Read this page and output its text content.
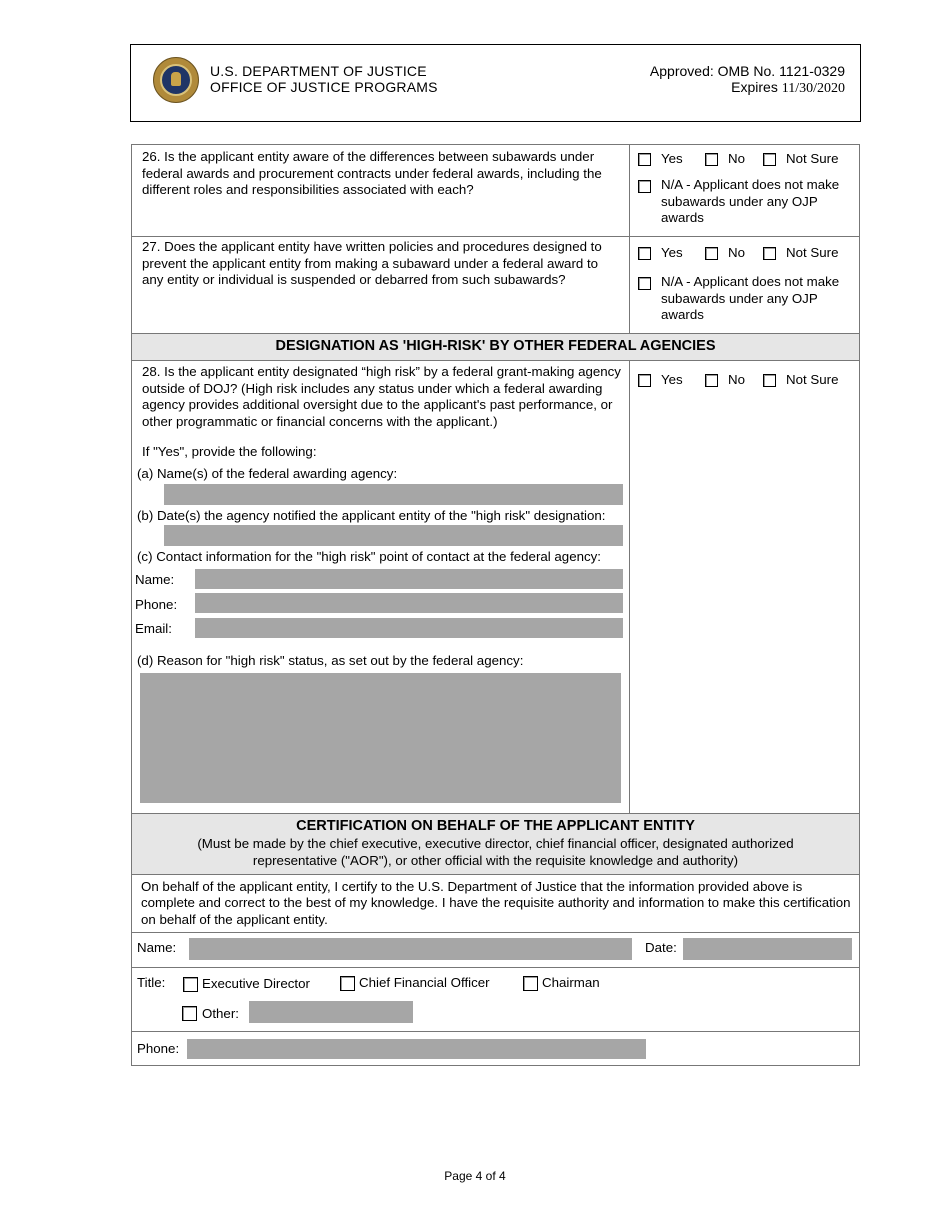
U.S. DEPARTMENT OF JUSTICE
OFFICE OF JUSTICE PROGRAMS
Approved: OMB No. 1121-0329
Expires 11/30/2020
26. Is the applicant entity aware of the differences between subawards under federal awards and procurement contracts under federal awards, including the different roles and responsibilities associated with each?
Yes	No	Not Sure
N/A - Applicant does not make subawards under any OJP awards
27. Does the applicant entity have written policies and procedures designed to prevent the applicant entity from making a subaward under a federal award to any entity or individual is suspended or debarred from such subawards?
Yes	No	Not Sure
N/A - Applicant does not make subawards under any OJP awards
DESIGNATION AS 'HIGH-RISK' BY OTHER FEDERAL AGENCIES
28. Is the applicant entity designated “high risk” by a federal grant-making agency outside of DOJ? (High risk includes any status under which a federal awarding agency provides additional oversight due to the applicant's past performance, or other programmatic or financial concerns with the applicant.)
Yes	No	Not Sure
If "Yes", provide the following:
(a) Name(s) of the federal awarding agency:
(b) Date(s) the agency notified the applicant entity of the "high risk" designation:
(c) Contact information for the "high risk" point of contact at the federal agency:
Name:
Phone:
Email:
(d) Reason for "high risk" status, as set out by the federal agency:
CERTIFICATION ON BEHALF OF THE APPLICANT ENTITY
(Must be made by the chief executive, executive director, chief financial officer, designated authorized representative ("AOR"), or other official with the requisite knowledge and authority)
On behalf of the applicant entity, I certify to the U.S. Department of Justice that the information provided above is complete and correct to the best of my knowledge. I have the requisite authority and information to make this certification on behalf of the applicant entity.
Name:	Date:
Title:	Executive Director	Chief Financial Officer	Chairman
Other:
Phone:
Page 4 of 4
